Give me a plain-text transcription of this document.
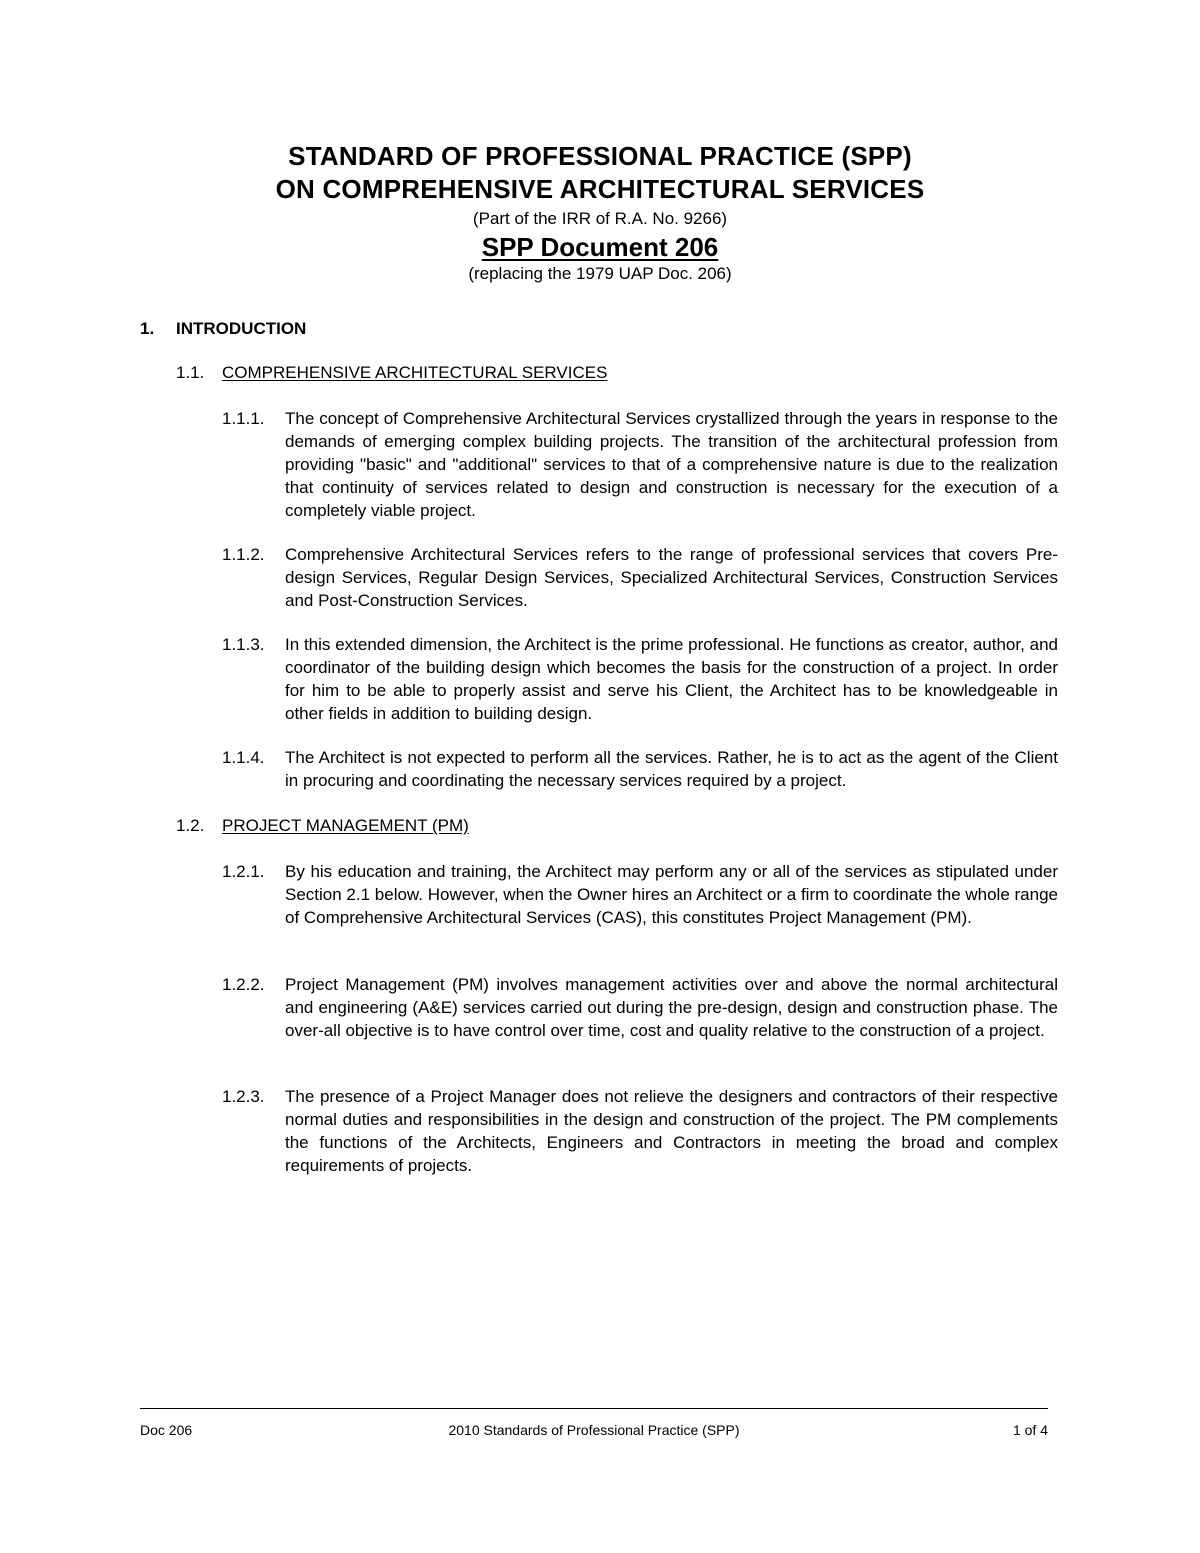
STANDARD OF PROFESSIONAL PRACTICE (SPP)
ON COMPREHENSIVE ARCHITECTURAL SERVICES
(Part of the IRR of R.A. No. 9266)
SPP Document 206
(replacing the 1979 UAP Doc. 206)
1. INTRODUCTION
1.1. COMPREHENSIVE ARCHITECTURAL SERVICES
1.1.1. The concept of Comprehensive Architectural Services crystallized through the years in response to the demands of emerging complex building projects. The transition of the architectural profession from providing "basic" and "additional" services to that of a comprehensive nature is due to the realization that continuity of services related to design and construction is necessary for the execution of a completely viable project.
1.1.2. Comprehensive Architectural Services refers to the range of professional services that covers Pre-design Services, Regular Design Services, Specialized Architectural Services, Construction Services and Post-Construction Services.
1.1.3. In this extended dimension, the Architect is the prime professional. He functions as creator, author, and coordinator of the building design which becomes the basis for the construction of a project. In order for him to be able to properly assist and serve his Client, the Architect has to be knowledgeable in other fields in addition to building design.
1.1.4. The Architect is not expected to perform all the services. Rather, he is to act as the agent of the Client in procuring and coordinating the necessary services required by a project.
1.2. PROJECT MANAGEMENT (PM)
1.2.1. By his education and training, the Architect may perform any or all of the services as stipulated under Section 2.1 below. However, when the Owner hires an Architect or a firm to coordinate the whole range of Comprehensive Architectural Services (CAS), this constitutes Project Management (PM).
1.2.2. Project Management (PM) involves management activities over and above the normal architectural and engineering (A&E) services carried out during the pre-design, design and construction phase. The over-all objective is to have control over time, cost and quality relative to the construction of a project.
1.2.3. The presence of a Project Manager does not relieve the designers and contractors of their respective normal duties and responsibilities in the design and construction of the project. The PM complements the functions of the Architects, Engineers and Contractors in meeting the broad and complex requirements of projects.
Doc 206	2010 Standards of Professional Practice (SPP)	1 of 4
